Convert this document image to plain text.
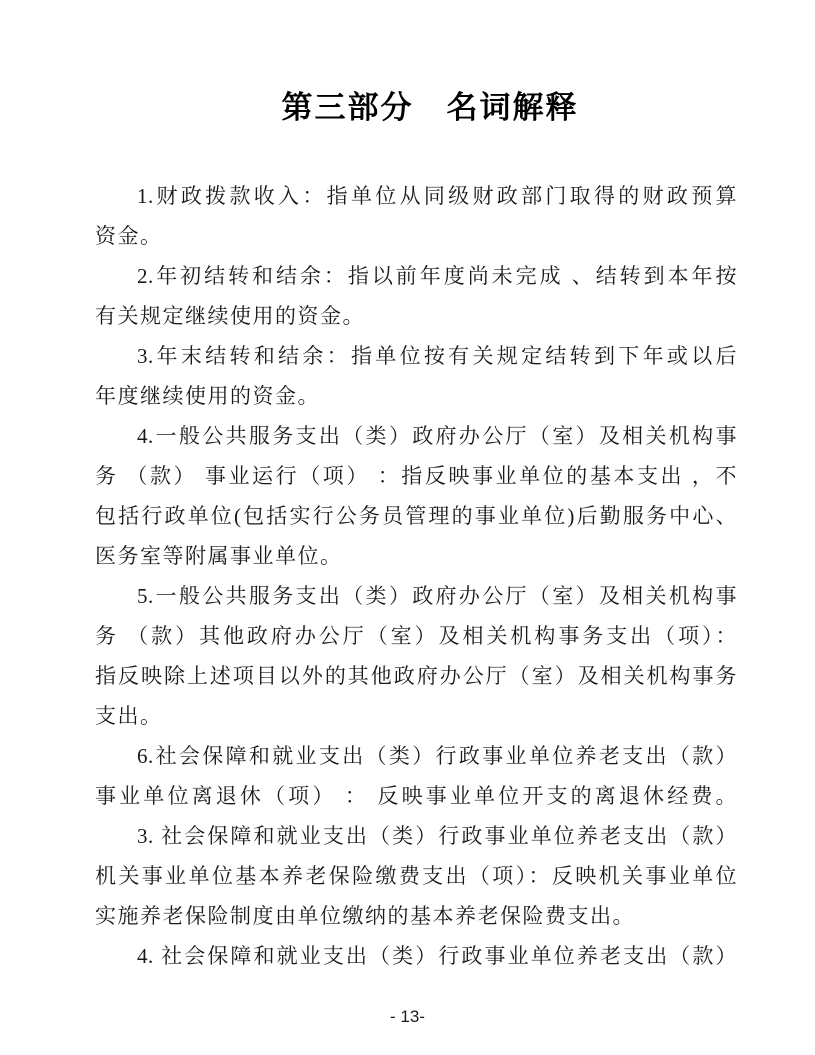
第三部分　名词解释
1.财政拨款收入：指单位从同级财政部门取得的财政预算
资金。
2.年初结转和结余：指以前年度尚未完成 、结转到本年按
有关规定继续使用的资金。
3.年末结转和结余：指单位按有关规定结转到下年或以后
年度继续使用的资金。
4.一般公共服务支出（类）政府办公厅（室）及相关机构事
务 （款） 事业运行（项） ：指反映事业单位的基本支出 ，不
包括行政单位(包括实行公务员管理的事业单位)后勤服务中心、
医务室等附属事业单位。
5.一般公共服务支出（类）政府办公厅（室）及相关机构事
务 （款）其他政府办公厅（室）及相关机构事务支出（项）：
指反映除上述项目以外的其他政府办公厅（室）及相关机构事务
支出。
6.社会保障和就业支出（类）行政事业单位养老支出（款）
事业单位离退休（项） ： 反映事业单位开支的离退休经费。
3. 社会保障和就业支出（类）行政事业单位养老支出（款）
机关事业单位基本养老保险缴费支出（项）：反映机关事业单位
实施养老保险制度由单位缴纳的基本养老保险费支出。
4. 社会保障和就业支出（类）行政事业单位养老支出（款）
- 13-
